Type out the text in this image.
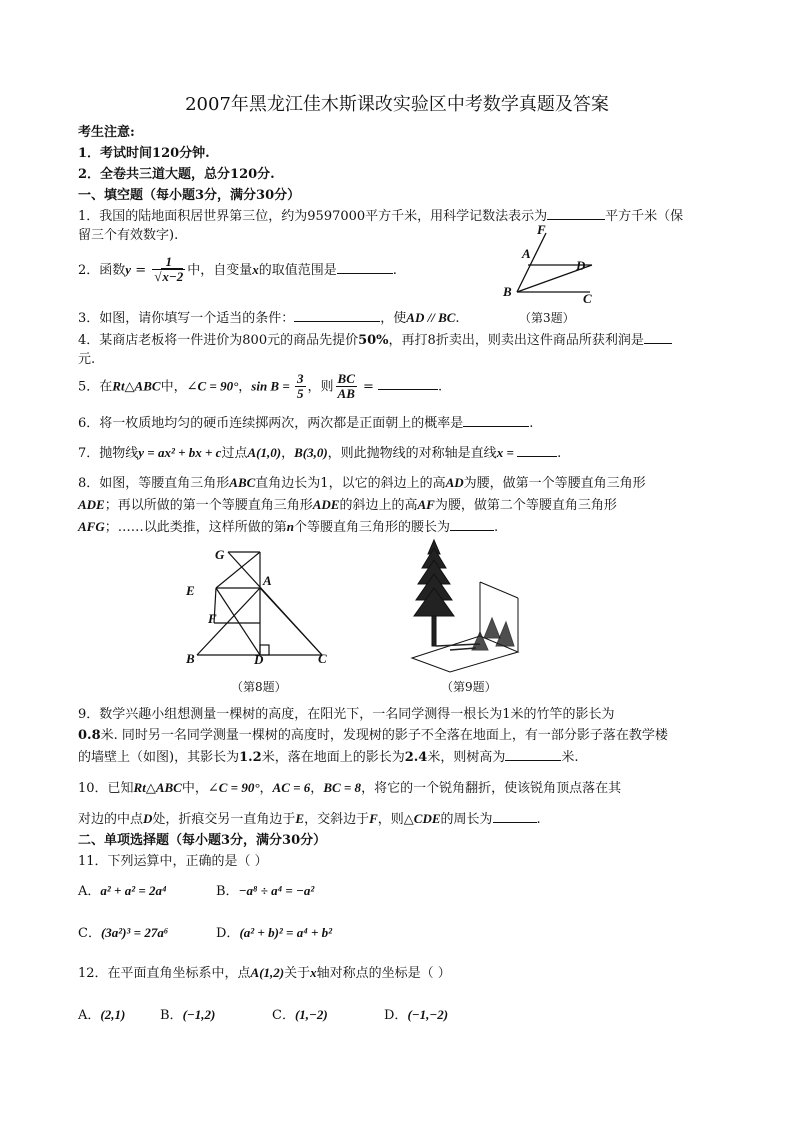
2007年黑龙江佳木斯课改实验区中考数学真题及答案
考生注意:
1．考试时间120分钟.
2．全卷共三道大题，总分120分.
一、填空题（每小题3分，满分30分）
1．我国的陆地面积居世界第三位，约为9597000平方千米，用科学记数法表示为	平方千米（保
留三个有效数字).
2．函数$y = \frac{1}{√x-2}$ 中，自变量x的取值范围是	.
F
A
D
B	C
3．如图，请你填写一个适当的条件：	，使AD // BC.	（第3题）
4．某商店老板将一件进价为800元的商品先提价50%，再打8折卖出，则卖出这件商品所获利润是
元.
5．在Rt△ABC中，∠C = 90°，$\sin B = \frac{3}{5}$ ，则 $\frac{BC}{AB}$ =	.
6．将一枚质地均匀的硬币连续掷两次，两次都是正面朝上的概率是	.
7．抛物线y = ax² + bx + c过点A(1,0)，B(3,0)，则此抛物线的对称轴是直线x =	.
8．如图，等腰直角三角形ABC直角边长为1，以它的斜边上的高AD为腰，做第一个等腰直角三角形
ADE；再以所做的第一个等腰直角三角形ADE的斜边上的高AF为腰，做第二个等腰直角三角形
AFG；……以此类推，这样所做的第n个等腰直角三角形的腰长为	.
G
A
E
F
B	D	C
（第8题）	（第9题）
9．数学兴趣小组想测量一棵树的高度，在阳光下，一名同学测得一根长为1米的竹竿的影长为
0.8米. 同时另一名同学测量一棵树的高度时，发现树的影子不全落在地面上，有一部分影子落在教学楼
的墙壁上（如图)，其影长为1.2米，落在地面上的影长为2.4米，则树高为	米.
10．已知Rt△ABC中，∠C = 90°，AC = 6，BC = 8，将它的一个锐角翻折，使该锐角顶点落在其
对边的中点D处，折痕交另一直角边于E，交斜边于F，则△CDE的周长为	.
二、单项选择题（每小题3分，满分30分）
11．下列运算中，正确的是（ ）
A．a² + a² = 2a⁴	B．−a⁸ ÷ a⁴ = −a²
C．(3a²)³ = 27a⁶	D．(a² + b)² = a⁴ + b²
12．在平面直角坐标系中，点A(1,2)关于x轴对称点的坐标是（ ）
A．(2,1)	B．(−1,2)	C．(1,−2)	D．(−1,−2)
